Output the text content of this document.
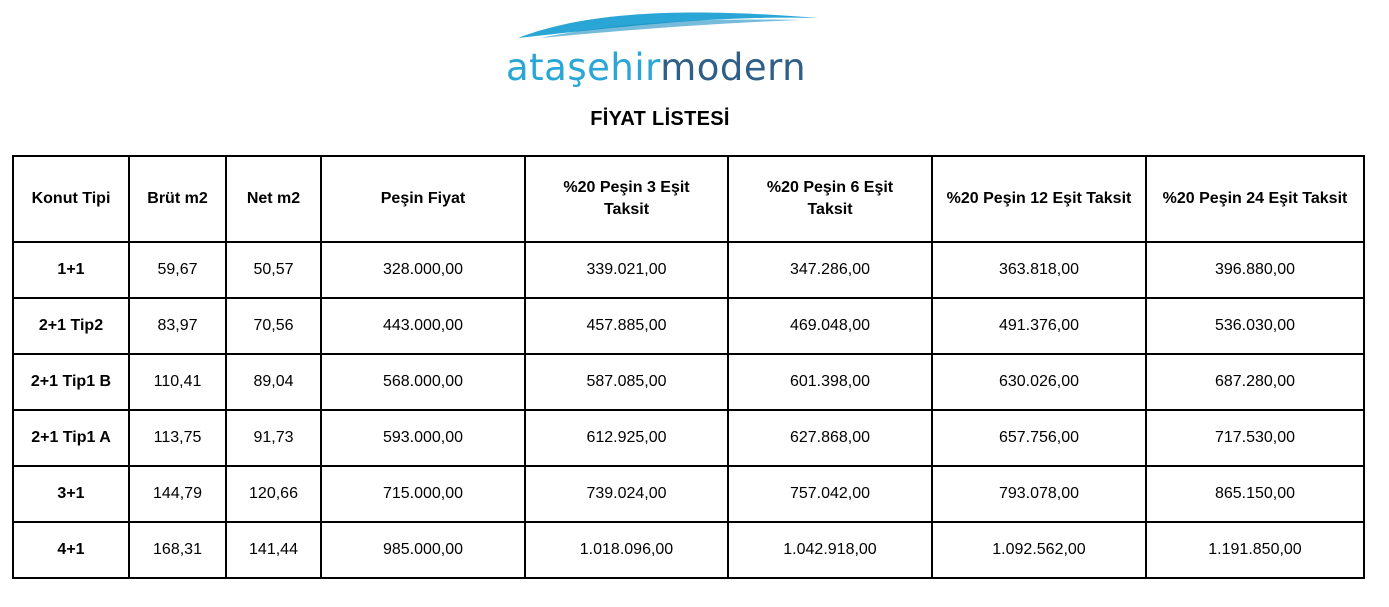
ataşehirmodern
FİYAT LİSTESİ
Konut Tipi	Brüt m2	Net m2	Peşin Fiyat	%20 Peşin 3 Eşit Taksit	%20 Peşin 6 Eşit Taksit	%20 Peşin 12 Eşit Taksit	%20 Peşin 24 Eşit Taksit
1+1	59,67	50,57	328.000,00	339.021,00	347.286,00	363.818,00	396.880,00
2+1 Tip2	83,97	70,56	443.000,00	457.885,00	469.048,00	491.376,00	536.030,00
2+1 Tip1 B	110,41	89,04	568.000,00	587.085,00	601.398,00	630.026,00	687.280,00
2+1 Tip1 A	113,75	91,73	593.000,00	612.925,00	627.868,00	657.756,00	717.530,00
3+1	144,79	120,66	715.000,00	739.024,00	757.042,00	793.078,00	865.150,00
4+1	168,31	141,44	985.000,00	1.018.096,00	1.042.918,00	1.092.562,00	1.191.850,00
